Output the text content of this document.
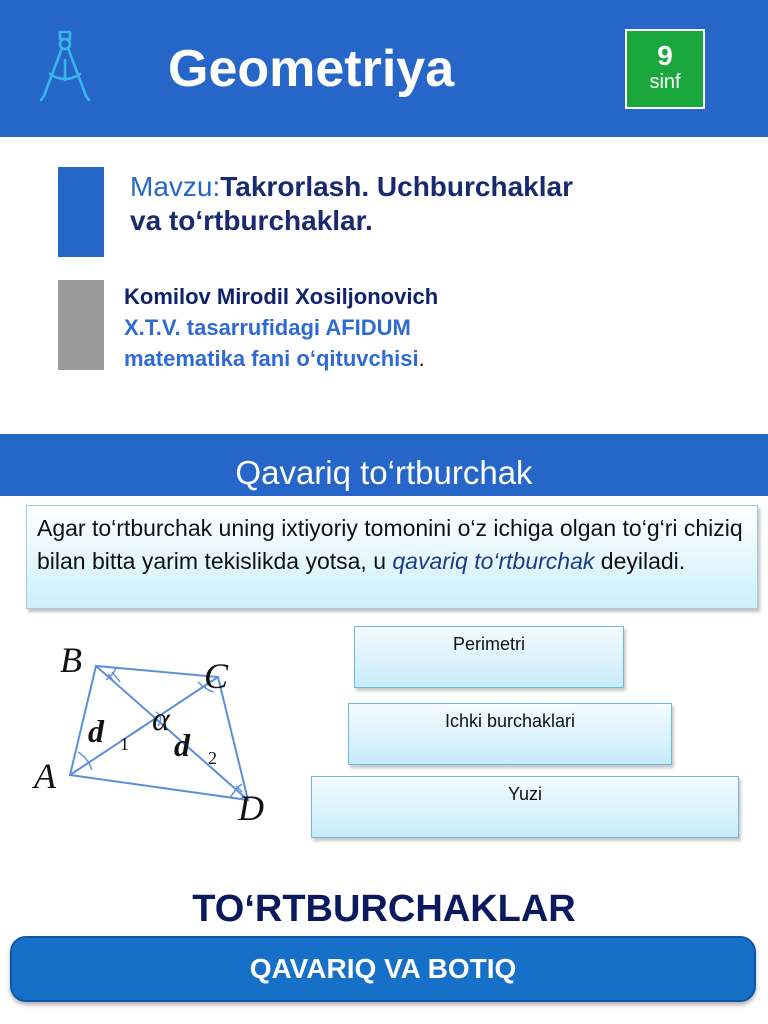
Geometriya	9
sinf
Mavzu:Takrorlash. Uchburchaklar
va to‘rtburchaklar.
Komilov Mirodil Xosiljonovich
X.T.V. tasarrufidagi AFIDUM
matematika fani o‘qituvchisi.
Qavariq to‘rtburchak
Agar to‘rtburchak uning ixtiyoriy tomonini o‘z ichiga olgan to‘g‘ri chiziq bilan bitta yarim tekislikda yotsa, u qavariq to‘rtburchak deyiladi.
B	C
A
D
d 1 d 2
α
Perimetri
Ichki burchaklari
Yuzi
TO‘RTBURCHAKLAR
QAVARIQ VA BOTIQ
